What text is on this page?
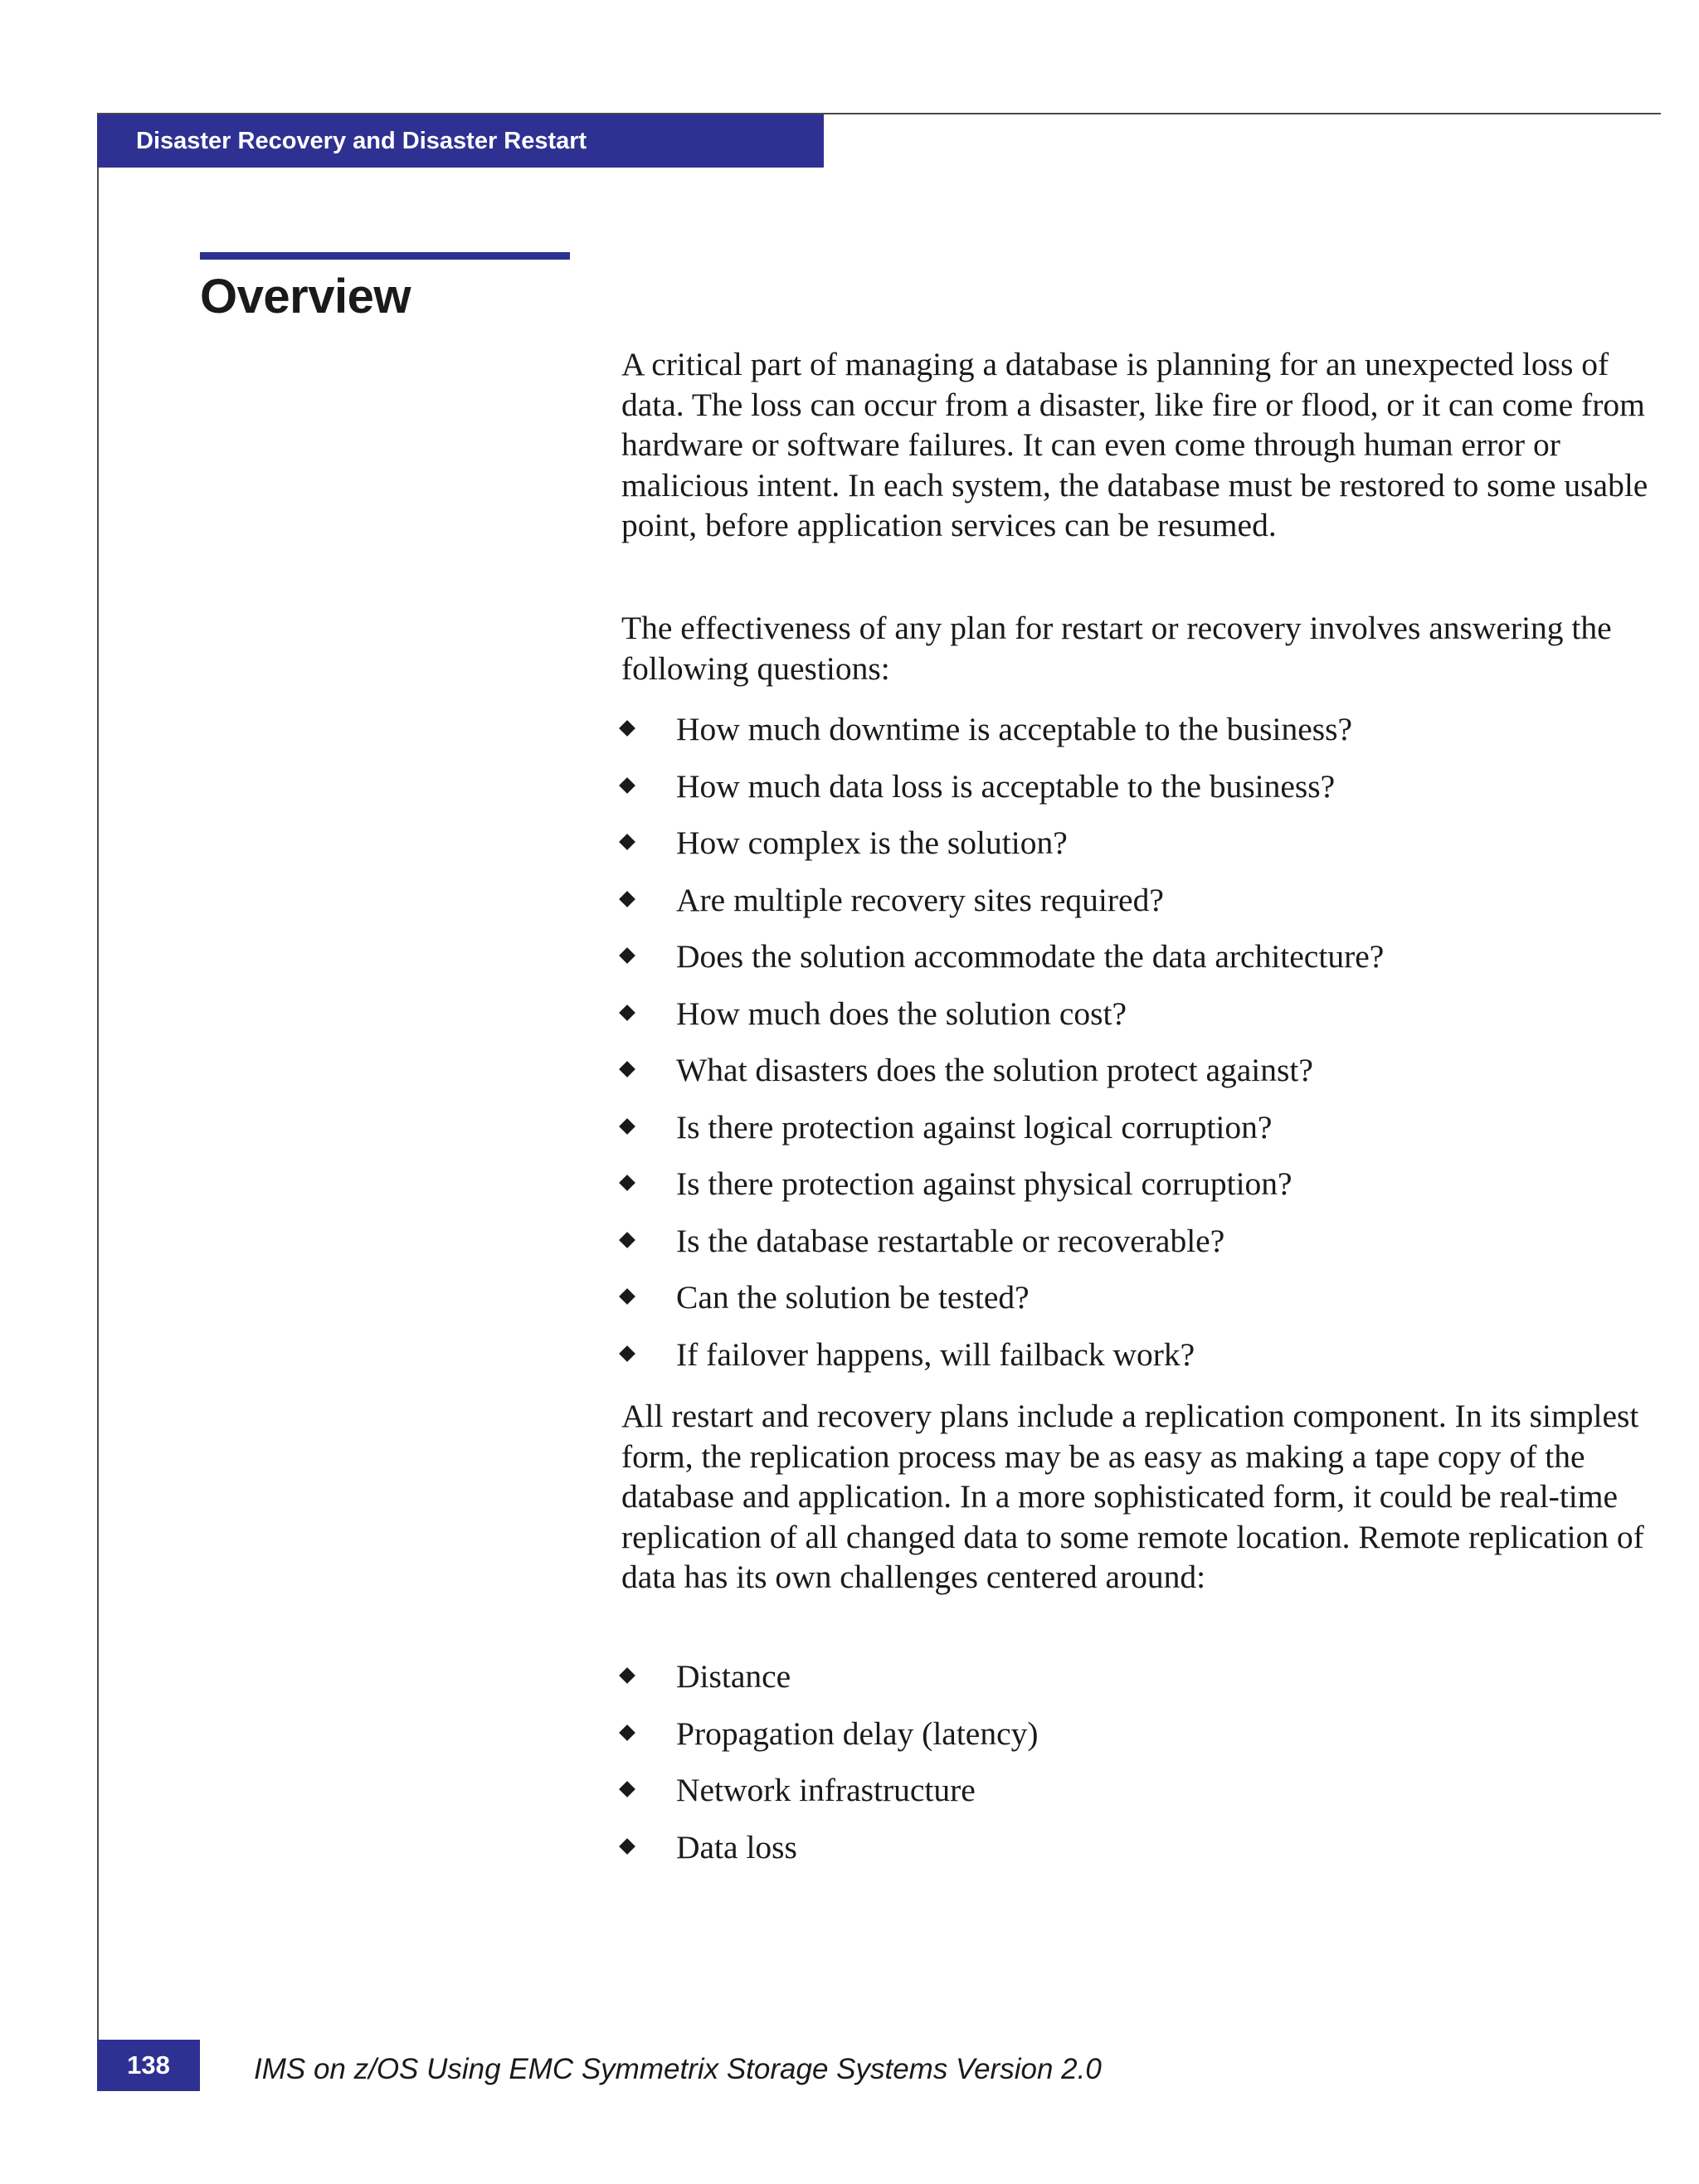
Disaster Recovery and Disaster Restart
Overview

A critical part of managing a database is planning for an unexpected loss of data. The loss can occur from a disaster, like fire or flood, or it can come from hardware or software failures. It can even come through human error or malicious intent. In each system, the database must be restored to some usable point, before application services can be resumed.

The effectiveness of any plan for restart or recovery involves answering the following questions:

How much downtime is acceptable to the business?
How much data loss is acceptable to the business?
How complex is the solution?
Are multiple recovery sites required?
Does the solution accommodate the data architecture?
How much does the solution cost?
What disasters does the solution protect against?
Is there protection against logical corruption?
Is there protection against physical corruption?
Is the database restartable or recoverable?
Can the solution be tested?
If failover happens, will failback work?

All restart and recovery plans include a replication component. In its simplest form, the replication process may be as easy as making a tape copy of the database and application. In a more sophisticated form, it could be real-time replication of all changed data to some remote location. Remote replication of data has its own challenges centered around:

Distance
Propagation delay (latency)
Network infrastructure
Data loss
138	IMS on z/OS Using EMC Symmetrix Storage Systems Version 2.0
